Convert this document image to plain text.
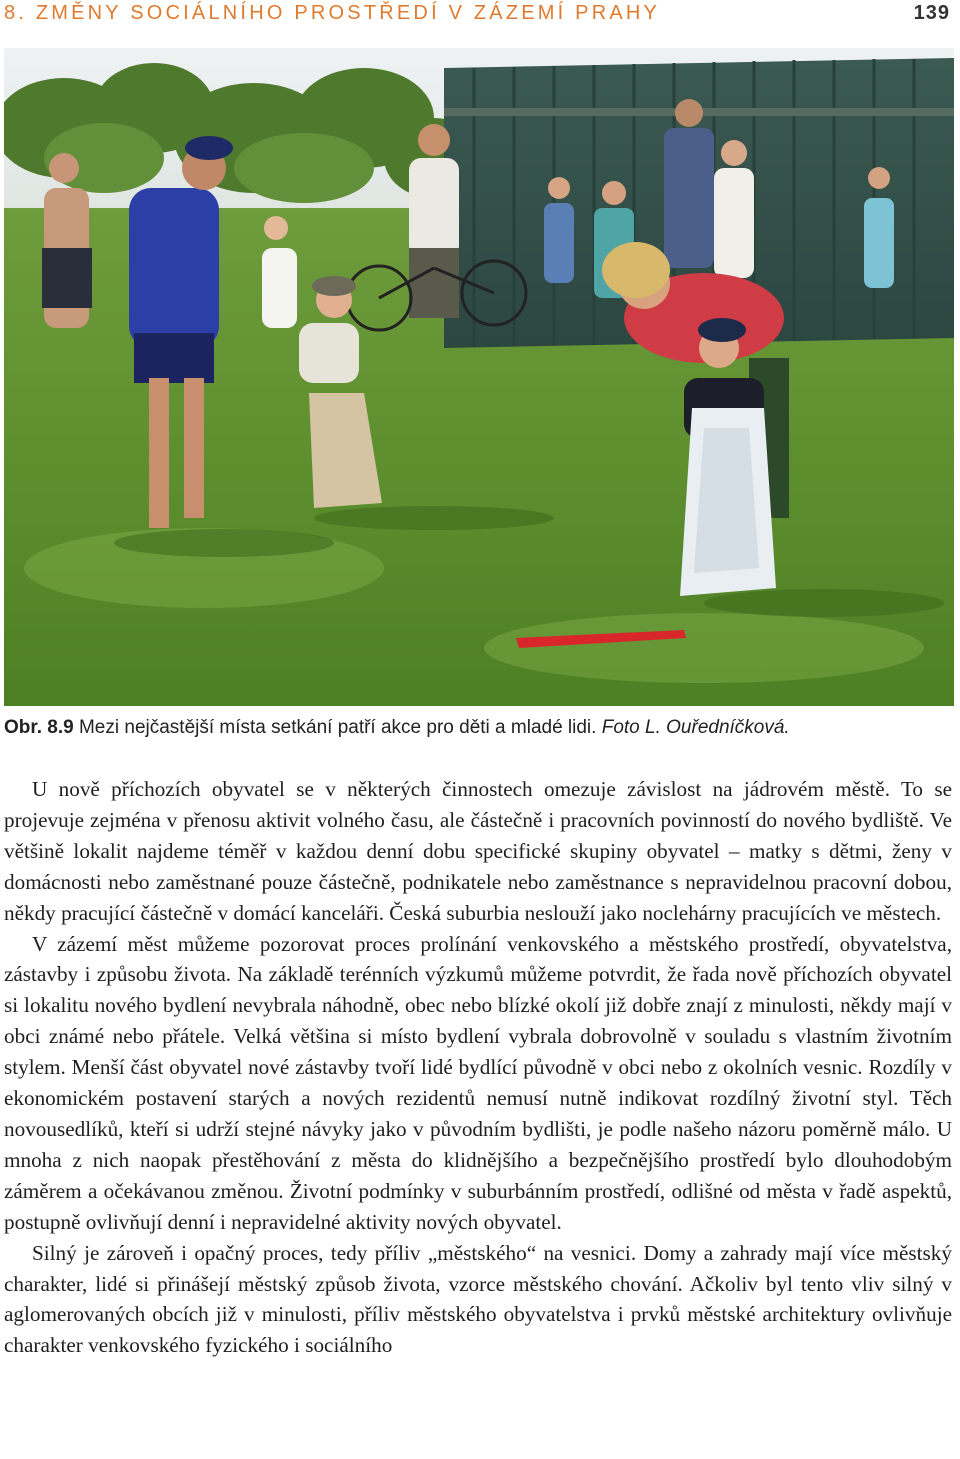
8. ZMĚNY SOCIÁLNÍHO PROSTŘEDÍ V ZÁZEMÍ PRAHY	139
Obr. 8.9 Mezi nejčastější místa setkání patří akce pro děti a mladé lidi. Foto L. Ouředníčková.

U nově příchozích obyvatel se v některých činnostech omezuje závislost na jádrovém městě. To se projevuje zejména v přenosu aktivit volného času, ale částečně i pracovních povinností do nového bydliště. Ve většině lokalit najdeme téměř v každou denní dobu specifické skupiny obyvatel – matky s dětmi, ženy v domácnosti nebo zaměstnané pouze částečně, podnikatele nebo zaměstnance s nepravidelnou pracovní dobou, někdy pracující částečně v domácí kanceláři. Česká suburbia neslouží jako noclehárny pracujících ve městech.

V zázemí měst můžeme pozorovat proces prolínání venkovského a městského prostředí, obyvatelstva, zástavby i způsobu života. Na základě terénních výzkumů můžeme potvrdit, že řada nově příchozích obyvatel si lokalitu nového bydlení nevybrala náhodně, obec nebo blízké okolí již dobře znají z minulosti, někdy mají v obci známé nebo přátele. Velká většina si místo bydlení vybrala dobrovolně v souladu s vlastním životním stylem. Menší část obyvatel nové zástavby tvoří lidé bydlící původně v obci nebo z okolních vesnic. Rozdíly v ekonomickém postavení starých a nových rezidentů nemusí nutně indikovat rozdílný životní styl. Těch novousedlíků, kteří si udrží stejné návyky jako v původním bydlišti, je podle našeho názoru poměrně málo. U mnoha z nich naopak přestěhování z města do klidnějšího a bezpečnějšího prostředí bylo dlouhodobým záměrem a očekávanou změnou. Životní podmínky v suburbánním prostředí, odlišné od města v řadě aspektů, postupně ovlivňují denní i nepravidelné aktivity nových obyvatel.

Silný je zároveň i opačný proces, tedy příliv „městského“ na vesnici. Domy a zahrady mají více městský charakter, lidé si přinášejí městský způsob života, vzorce městského chování. Ačkoliv byl tento vliv silný v aglomerovaných obcích již v minulosti, příliv městského obyvatelstva i prvků městské architektury ovlivňuje charakter venkovského fyzického i sociálního
